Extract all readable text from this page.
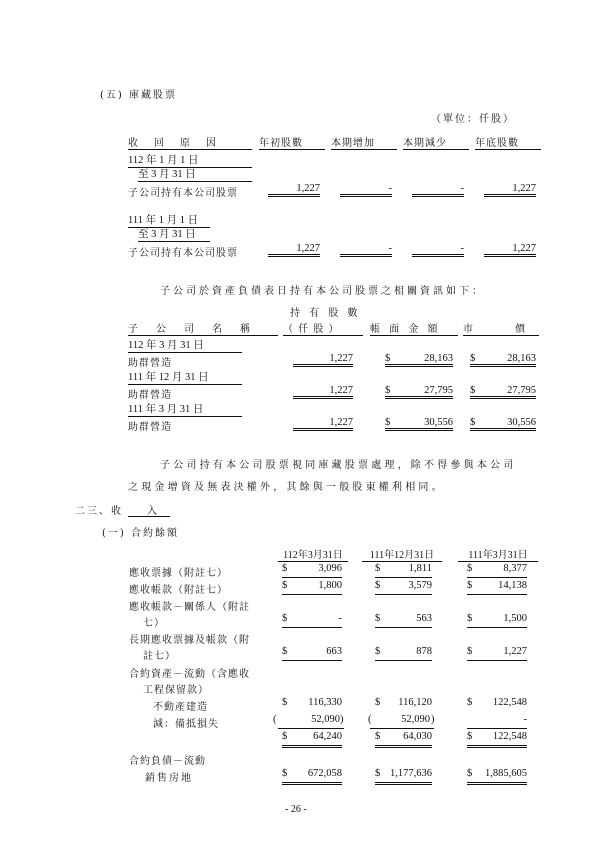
(五) 庫藏股票
（單位：仟股）
收　回　原　因	年初股數	本期增加	本期減少	年底股數
112 年 1 月 1 日
至 3 月 31 日
子公司持有本公司股票	1,227	-	-	1,227
111 年 1 月 1 日
至 3 月 31 日
子公司持有本公司股票	1,227	-	-	1,227
子公司於資產負債表日持有本公司股票之相關資訊如下：
持 有 股 數
子　公　司　名　稱	（ 仟 股 ）	帳 面 金 額	市　　　價
112 年 3 月 31 日
助群營造	1,227	$	28,163 $	28,163
111 年 12 月 31 日
助群營造	1,227	$	27,795 $	27,795
111 年 3 月 31 日
助群營造	1,227	$	30,556 $	30,556
子公司持有本公司股票視同庫藏股票處理，除不得參與本公司
之現金增資及無表決權外，其餘與一般股東權利相同。
二三、收　　入
(一) 合約餘額
112年3月31日	111年12月31日	111年3月31日
應收票據（附註七）	$	3,096	$	1,811	$	8,377
應收帳款（附註七）	$	1,800	$	3,579	$	14,138
應收帳款－關係人（附註
七）	$	-	$	563	$	1,500
長期應收票據及帳款（附
註七）	$	663	$	878	$	1,227
合約資產－流動（含應收
工程保留款）
不動產建造	$	116,330	$	116,120	$	122,548
減：備抵損失	(	52,090 ) (	52,090 )	-
$	64,240	$	64,030	$	122,548
合約負債－流動
銷售房地	$	672,058	$ 1,177,636	$	1,885,605
- 26 -
